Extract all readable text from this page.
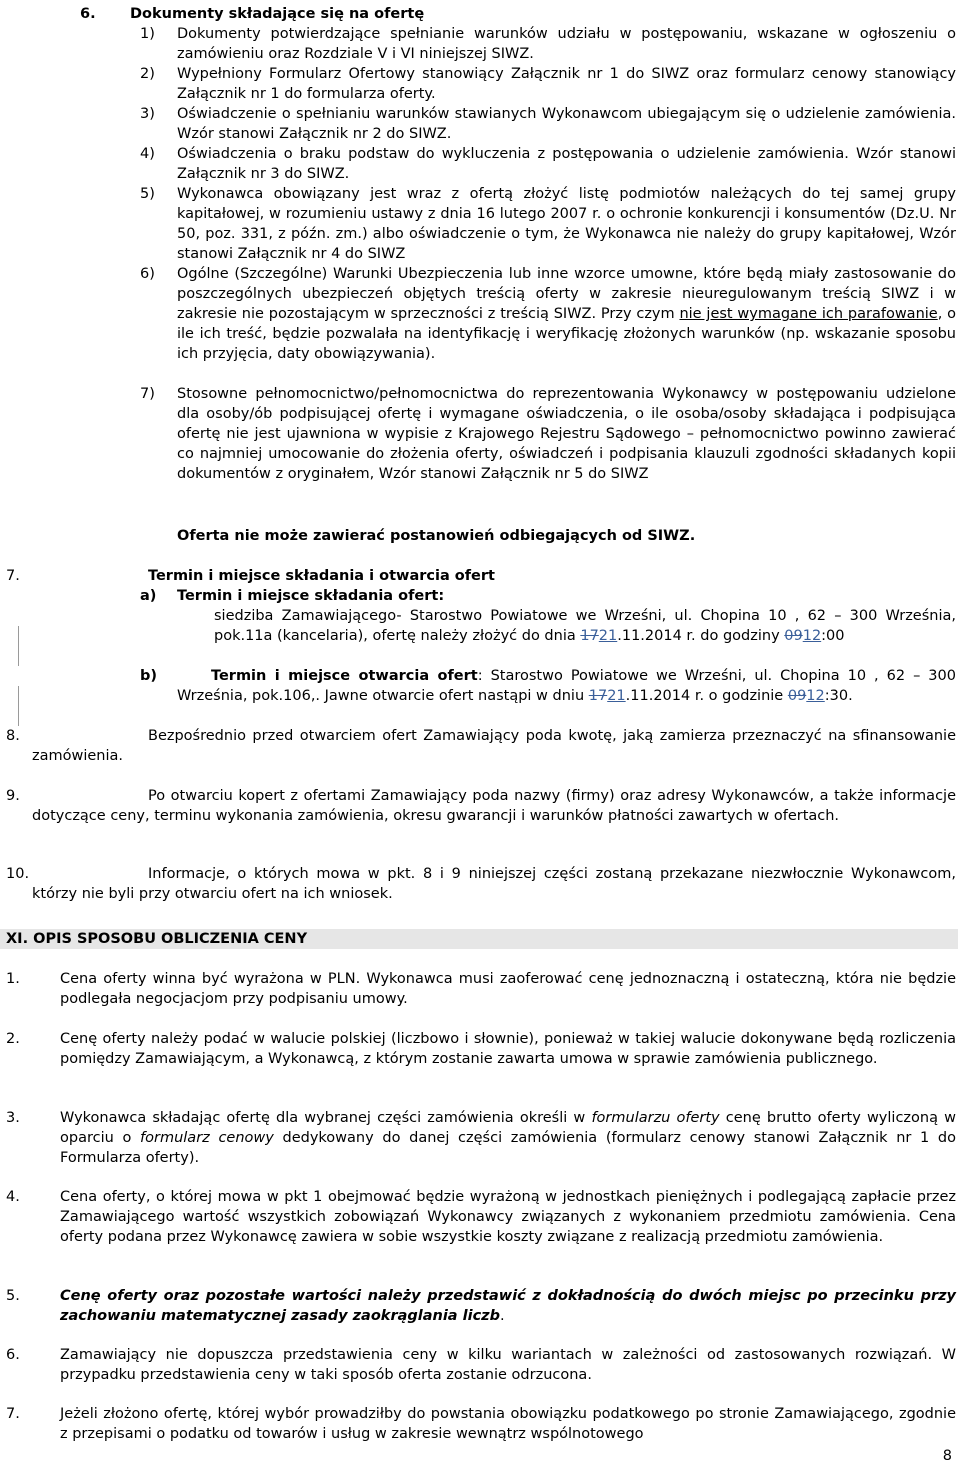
6. Dokumenty składające się na ofertę
1)	Dokumenty potwierdzające spełnianie warunków udziału w postępowaniu, wskazane w ogłoszeniu o zamówieniu oraz Rozdziale V i VI niniejszej SIWZ.
2)	Wypełniony Formularz Ofertowy stanowiący Załącznik nr 1 do SIWZ oraz formularz cenowy stanowiący Załącznik nr 1 do formularza oferty.
3)	Oświadczenie o spełnianiu warunków stawianych Wykonawcom ubiegającym się o udzielenie zamówienia. Wzór stanowi Załącznik nr 2 do SIWZ.
4)	Oświadczenia o braku podstaw do wykluczenia z postępowania o udzielenie zamówienia. Wzór stanowi Załącznik nr 3 do SIWZ.
5)	Wykonawca obowiązany jest wraz z ofertą złożyć listę podmiotów należących do tej samej grupy kapitałowej, w rozumieniu ustawy z dnia 16 lutego 2007 r. o ochronie konkurencji i konsumentów (Dz.U. Nr 50, poz. 331, z późn. zm.) albo oświadczenie o tym, że Wykonawca nie należy do grupy kapitałowej, Wzór stanowi Załącznik nr 4 do SIWZ
6)	Ogólne (Szczególne) Warunki Ubezpieczenia lub inne wzorce umowne, które będą miały zastosowanie do poszczególnych ubezpieczeń objętych treścią oferty w zakresie nieuregulowanym treścią SIWZ i w zakresie nie pozostającym w sprzeczności z treścią SIWZ. Przy czym nie jest wymagane ich parafowanie, o ile ich treść, będzie pozwalała na identyfikację i weryfikację złożonych warunków (np. wskazanie sposobu ich przyjęcia, daty obowiązywania).
7)	Stosowne pełnomocnictwo/pełnomocnictwa do reprezentowania Wykonawcy w postępowaniu udzielone dla osoby/ób podpisującej ofertę i wymagane oświadczenia, o ile osoba/osoby składająca i podpisująca ofertę nie jest ujawniona w wypisie z Krajowego Rejestru Sądowego – pełnomocnictwo powinno zawierać co najmniej umocowanie do złożenia oferty, oświadczeń i podpisania klauzuli zgodności składanych kopii dokumentów z oryginałem, Wzór stanowi Załącznik nr 5 do SIWZ
Oferta nie może zawierać postanowień odbiegających od SIWZ.
7.	Termin i miejsce składania i otwarcia ofert
a) Termin i miejsce składania ofert:
siedziba Zamawiającego- Starostwo Powiatowe we Wrześni, ul. Chopina 10 , 62 – 300 Września, pok.11a (kancelaria), ofertę należy złożyć do dnia 1721.11.2014 r. do godziny 0912:00
b)	Termin i miejsce otwarcia ofert: Starostwo Powiatowe we Wrześni, ul. Chopina 10 , 62 – 300 Września, pok.106,. Jawne otwarcie ofert nastąpi w dniu 1721.11.2014 r. o godzinie 0912:30.
8.	Bezpośrednio przed otwarciem ofert Zamawiający poda kwotę, jaką zamierza przeznaczyć na sfinansowanie zamówienia.
9.	Po otwarciu kopert z ofertami Zamawiający poda nazwy (firmy) oraz adresy Wykonawców, a także informacje dotyczące ceny, terminu wykonania zamówienia, okresu gwarancji i warunków płatności zawartych w ofertach.
10.	Informacje, o których mowa w pkt. 8 i 9 niniejszej części zostaną przekazane niezwłocznie Wykonawcom, którzy nie byli przy otwarciu ofert na ich wniosek.
XI. OPIS SPOSOBU OBLICZENIA CENY
1.	Cena oferty winna być wyrażona w PLN. Wykonawca musi zaoferować cenę jednoznaczną i ostateczną, która nie będzie podlegała negocjacjom przy podpisaniu umowy.
2.	Cenę oferty należy podać w walucie polskiej (liczbowo i słownie), ponieważ w takiej walucie dokonywane będą rozliczenia pomiędzy Zamawiającym, a Wykonawcą, z którym zostanie zawarta umowa w sprawie zamówienia publicznego.
3.	Wykonawca składając ofertę dla wybranej części zamówienia określi w formularzu oferty cenę brutto oferty wyliczoną w oparciu o formularz cenowy dedykowany do danej części zamówienia (formularz cenowy stanowi Załącznik nr 1 do Formularza oferty).
4.	Cena oferty, o której mowa w pkt 1 obejmować będzie wyrażoną w jednostkach pieniężnych i podlegającą zapłacie przez Zamawiającego wartość wszystkich zobowiązań Wykonawcy związanych z wykonaniem przedmiotu zamówienia. Cena oferty podana przez Wykonawcę zawiera w sobie wszystkie koszty związane z realizacją przedmiotu zamówienia.
5.	Cenę oferty oraz pozostałe wartości należy przedstawić z dokładnością do dwóch miejsc po przecinku przy zachowaniu matematycznej zasady zaokrąglania liczb.
6.	Zamawiający nie dopuszcza przedstawienia ceny w kilku wariantach w zależności od zastosowanych rozwiązań. W przypadku przedstawienia ceny w taki sposób oferta zostanie odrzucona.
7.	Jeżeli złożono ofertę, której wybór prowadziłby do powstania obowiązku podatkowego po stronie Zamawiającego, zgodnie z przepisami o podatku od towarów i usług w zakresie wewnątrz wspólnotowego
8
